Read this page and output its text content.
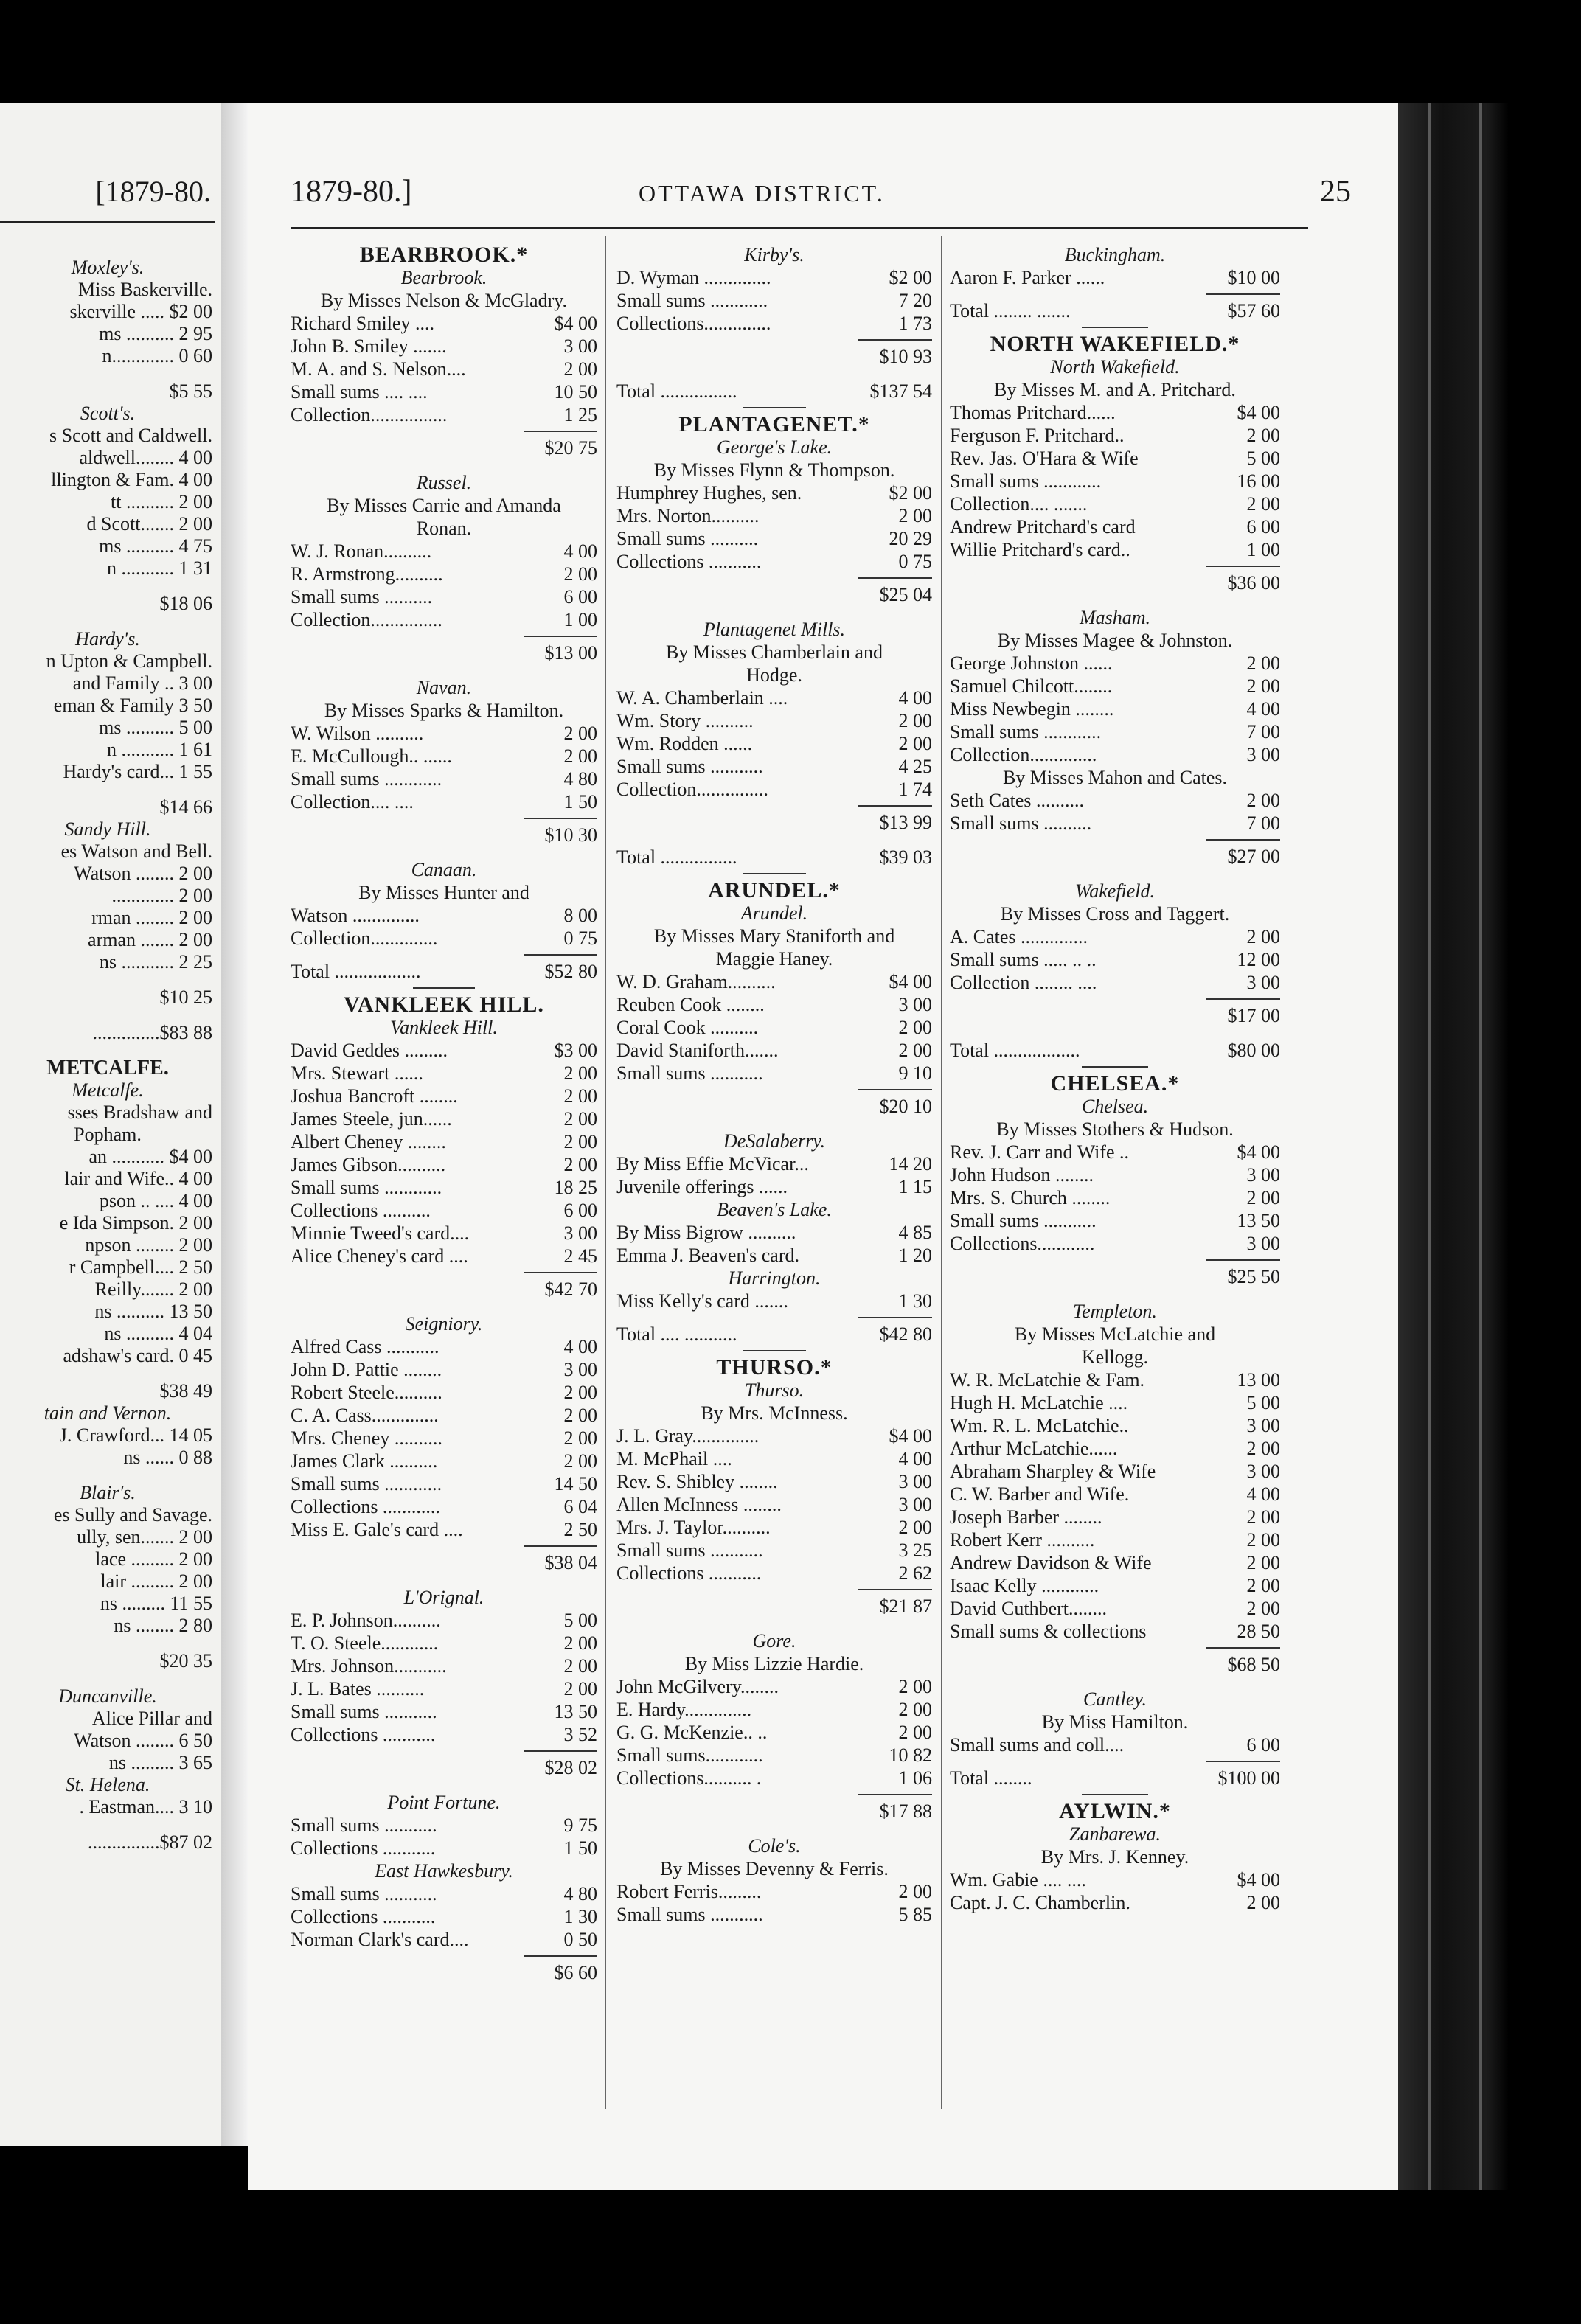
[1879-80.
Moxley's.
Miss Baskerville.
skerville ..... $2 00
ms .......... 2 95
n............. 0 60
$5 55
Scott's.
s Scott and Caldwell.
aldwell........ 4 00
llington & Fam. 4 00
tt .......... 2 00
d Scott....... 2 00
ms .......... 4 75
n ........... 1 31
$18 06
Hardy's.
n Upton & Campbell.
and Family .. 3 00
eman & Family 3 50
ms .......... 5 00
n ........... 1 61
Hardy's card... 1 55
$14 66
Sandy Hill.
es Watson and Bell.
Watson ........ 2 00
............. 2 00
rman ........ 2 00
arman ....... 2 00
ns ........... 2 25
$10 25
..............$83 88
METCALFE.
Metcalfe.
sses Bradshaw and
Popham.
an ........... $4 00
lair and Wife.. 4 00
pson .. .... 4 00
e Ida Simpson. 2 00
npson ........ 2 00
r Campbell.... 2 50
Reilly....... 2 00
ns .......... 13 50
ns .......... 4 04
adshaw's card. 0 45
$38 49
tain and Vernon.
J. Crawford... 14 05
ns ...... 0 88
Blair's.
es Sully and Savage.
ully, sen....... 2 00
lace ......... 2 00
lair ......... 2 00
ns ......... 11 55
ns ........ 2 80
$20 35
Duncanville.
Alice Pillar and
Watson ........ 6 50
ns ......... 3 65
St. Helena.
. Eastman.... 3 10
...............$87 02
1879-80.]	OTTAWA DISTRICT.	25
BEARBROOK.*
Bearbrook.
By Misses Nelson & McGladry.
Richard Smiley ....	$4 00
John B. Smiley .......	3 00
M. A. and S. Nelson....	2 00
Small sums .... ....	10 50
Collection................	1 25
$20 75
Russel.
By Misses Carrie and Amanda
Ronan.
W. J. Ronan..........	4 00
R. Armstrong..........	2 00
Small sums ..........	6 00
Collection...............	1 00
$13 00
Navan.
By Misses Sparks & Hamilton.
W. Wilson ..........	2 00
E. McCullough.. ......	2 00
Small sums ............	4 80
Collection.... ....	1 50
$10 30
Canaan.
By Misses Hunter and
Watson ..............	8 00
Collection..............	0 75
Total ..................	$52 80
VANKLEEK HILL.
Vankleek Hill.
David Geddes .........	$3 00
Mrs. Stewart ......	2 00
Joshua Bancroft ........	2 00
James Steele, jun......	2 00
Albert Cheney ........	2 00
James Gibson..........	2 00
Small sums ............	18 25
Collections ..........	6 00
Minnie Tweed's card....	3 00
Alice Cheney's card ....	2 45
$42 70
Seigniory.
Alfred Cass ...........	4 00
John D. Pattie ........	3 00
Robert Steele..........	2 00
C. A. Cass..............	2 00
Mrs. Cheney ..........	2 00
James Clark ..........	2 00
Small sums ............	14 50
Collections ............	6 04
Miss E. Gale's card ....	2 50
$38 04
L'Orignal.
E. P. Johnson..........	5 00
T. O. Steele............	2 00
Mrs. Johnson...........	2 00
J. L. Bates ..........	2 00
Small sums ...........	13 50
Collections ...........	3 52
$28 02
Point Fortune.
Small sums ...........	9 75
Collections ...........	1 50
East Hawkesbury.
Small sums ...........	4 80
Collections ...........	1 30
Norman Clark's card....	0 50
$6 60
Kirby's.
D. Wyman ..............	$2 00
Small sums ............	7 20
Collections..............	1 73
$10 93
Total ................	$137 54
PLANTAGENET.*
George's Lake.
By Misses Flynn & Thompson.
Humphrey Hughes, sen.	$2 00
Mrs. Norton..........	2 00
Small sums ..........	20 29
Collections ...........	0 75
$25 04
Plantagenet Mills.
By Misses Chamberlain and
Hodge.
W. A. Chamberlain ....	4 00
Wm. Story ..........	2 00
Wm. Rodden ......	2 00
Small sums ...........	4 25
Collection...............	1 74
$13 99
Total ................	$39 03
ARUNDEL.*
Arundel.
By Misses Mary Staniforth and
Maggie Haney.
W. D. Graham..........	$4 00
Reuben Cook ........	3 00
Coral Cook ..........	2 00
David Staniforth.......	2 00
Small sums ...........	9 10
$20 10
DeSalaberry.
By Miss Effie McVicar...	14 20
Juvenile offerings ......	1 15
Beaven's Lake.
By Miss Bigrow ..........	4 85
Emma J. Beaven's card.	1 20
Harrington.
Miss Kelly's card .......	1 30
Total .... ...........	$42 80
THURSO.*
Thurso.
By Mrs. McInness.
J. L. Gray..............	$4 00
M. McPhail ....	4 00
Rev. S. Shibley ........	3 00
Allen McInness ........	3 00
Mrs. J. Taylor..........	2 00
Small sums ...........	3 25
Collections ...........	2 62
$21 87
Gore.
By Miss Lizzie Hardie.
John McGilvery........	2 00
E. Hardy..............	2 00
G. G. McKenzie.. ..	2 00
Small sums............	10 82
Collections.......... .	1 06
$17 88
Cole's.
By Misses Devenny & Ferris.
Robert Ferris.........	2 00
Small sums ...........	5 85
Buckingham.
Aaron F. Parker ......	$10 00
Total ........ .......	$57 60
NORTH WAKEFIELD.*
North Wakefield.
By Misses M. and A. Pritchard.
Thomas Pritchard......	$4 00
Ferguson F. Pritchard..	2 00
Rev. Jas. O'Hara & Wife	5 00
Small sums ............	16 00
Collection.... .......	2 00
Andrew Pritchard's card	6 00
Willie Pritchard's card..	1 00
$36 00
Masham.
By Misses Magee & Johnston.
George Johnston ......	2 00
Samuel Chilcott........	2 00
Miss Newbegin ........	4 00
Small sums ............	7 00
Collection..............	3 00
By Misses Mahon and Cates.
Seth Cates ..........	2 00
Small sums ..........	7 00
$27 00
Wakefield.
By Misses Cross and Taggert.
A. Cates ..............	2 00
Small sums ..... .. ..	12 00
Collection ........ ....	3 00
$17 00
Total ..................	$80 00
CHELSEA.*
Chelsea.
By Misses Stothers & Hudson.
Rev. J. Carr and Wife ..	$4 00
John Hudson ........	3 00
Mrs. S. Church ........	2 00
Small sums ...........	13 50
Collections............	3 00
$25 50
Templeton.
By Misses McLatchie and
Kellogg.
W. R. McLatchie & Fam.	13 00
Hugh H. McLatchie ....	5 00
Wm. R. L. McLatchie..	3 00
Arthur McLatchie......	2 00
Abraham Sharpley & Wife	3 00
C. W. Barber and Wife.	4 00
Joseph Barber ........	2 00
Robert Kerr ..........	2 00
Andrew Davidson & Wife	2 00
Isaac Kelly ............	2 00
David Cuthbert........	2 00
Small sums & collections	28 50
$68 50
Cantley.
By Miss Hamilton.
Small sums and coll....	6 00
Total ........	$100 00
AYLWIN.*
Zanbarewa.
By Mrs. J. Kenney.
Wm. Gabie .... ....	$4 00
Capt. J. C. Chamberlin.	2 00
